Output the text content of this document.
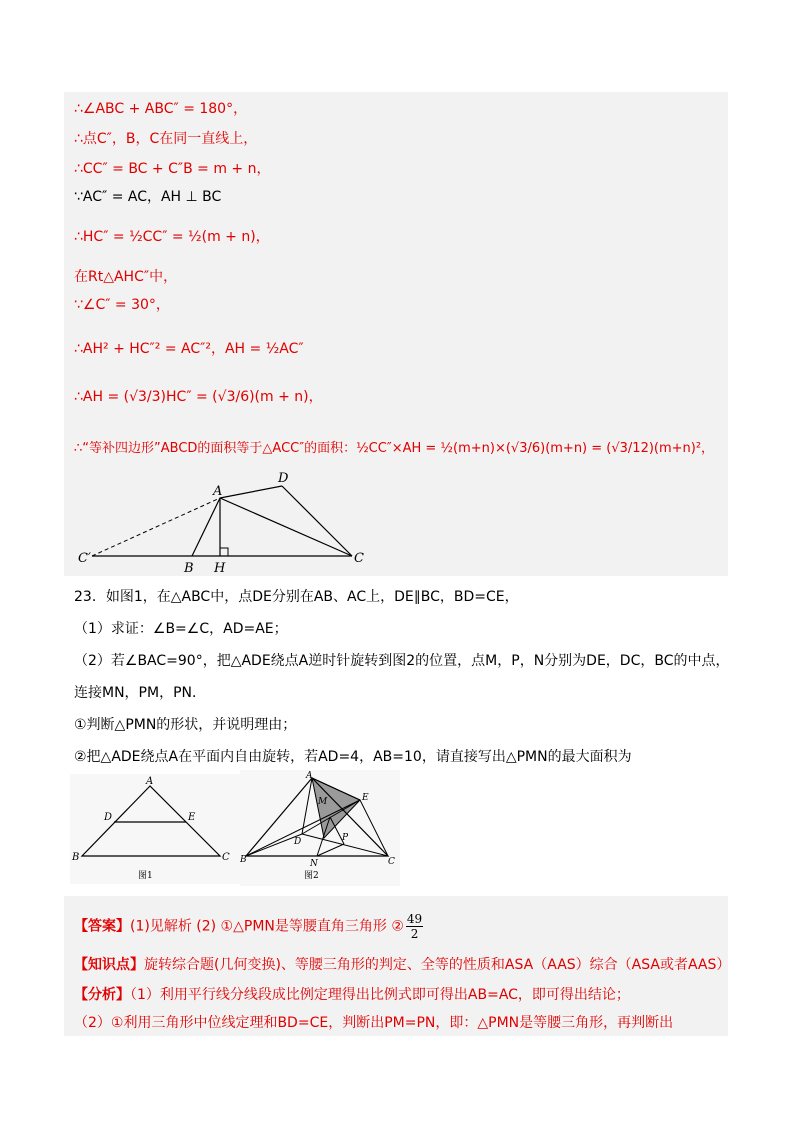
∴∠ABC + ABC″ = 180°，
∴点C″，B，C在同一直线上，
∴CC″ = BC + C″B = m + n，
∵AC″ = AC，AH ⊥ BC
∴HC″ = ½CC″ = ½(m + n)，
在Rt△AHC″中，
∵∠C″ = 30°，
∴AH² + HC″² = AC″²，AH = ½AC″
∴AH = (√3/3)HC″ = (√3/6)(m + n)，
∴“等补四边形”ABCD的面积等于△ACC″的面积：½CC″×AH = ½(m+n)×(√3/6)(m+n) = (√3/12)(m+n)²，
A
D
C′
B H
C
23．如图1，在△ABC中，点DE分别在AB、AC上，DE∥BC，BD=CE，
（1）求证：∠B=∠C，AD=AE；
（2）若∠BAC=90°，把△ADE绕点A逆时针旋转到图2的位置，点M，P，N分别为DE，DC，BC的中点，
连接MN，PM，PN．
①判断△PMN的形状，并说明理由；
②把△ADE绕点A在平面内自由旋转，若AD=4，AB=10，请直接写出△PMN的最大面积为
A
D	E
B	C
图1
A
E
M
P
D
N
B	C
图2
【答案】(1)见解析 (2) ①△PMN是等腰直角三角形 ② $\frac{49}{2}$
【知识点】旋转综合题(几何变换)、等腰三角形的判定、全等的性质和ASA（AAS）综合（ASA或者AAS）
【分析】（1）利用平行线分线段成比例定理得出比例式即可得出AB=AC，即可得出结论；
（2）①利用三角形中位线定理和BD=CE，判断出PM=PN，即：△PMN是等腰三角形，再判断出
